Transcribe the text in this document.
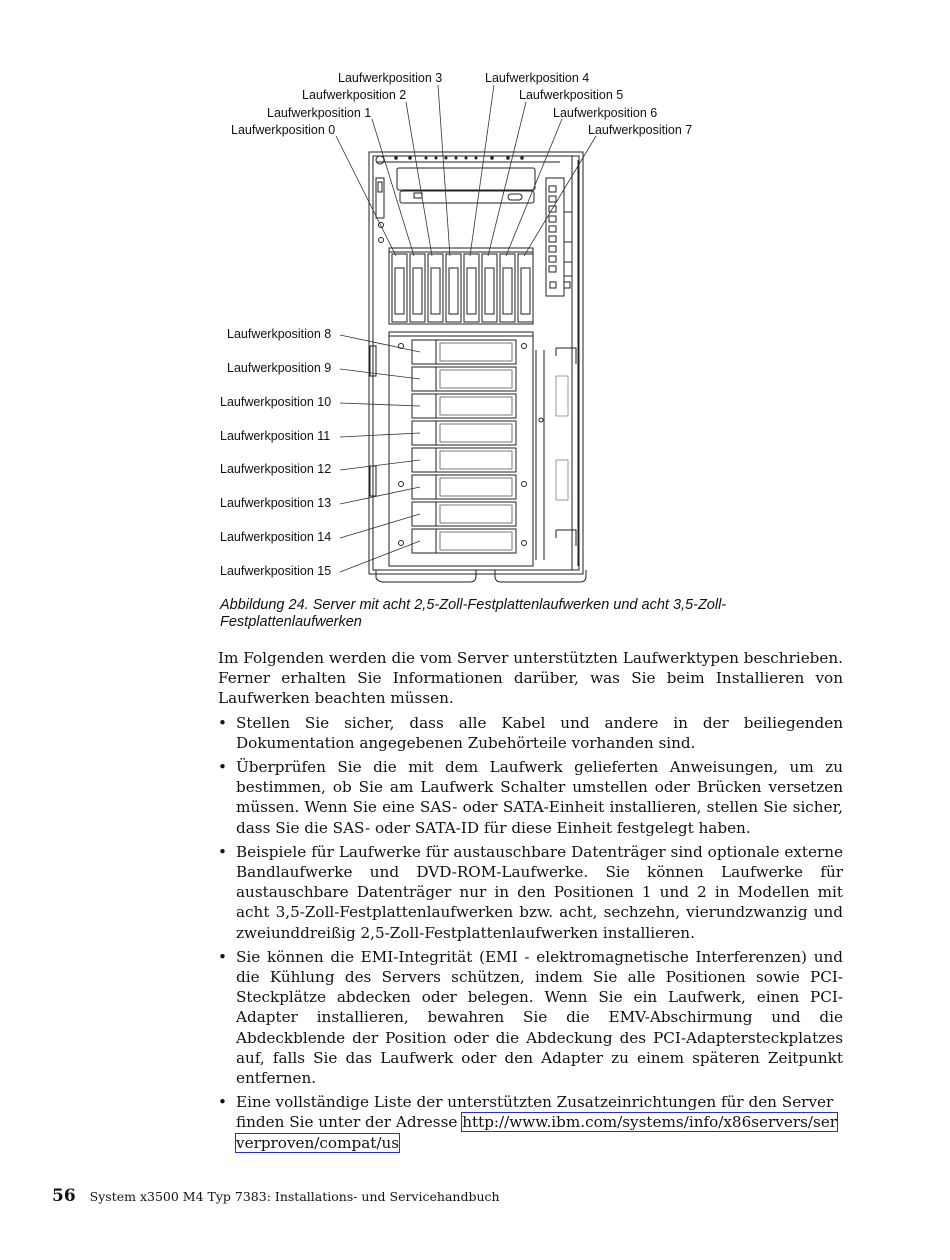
Laufwerkposition 3	Laufwerkposition 4
Laufwerkposition 2	Laufwerkposition 5
Laufwerkposition 1	Laufwerkposition 6
Laufwerkposition 0	Laufwerkposition 7
Laufwerkposition 8
Laufwerkposition 9
Laufwerkposition 10
Laufwerkposition 11
Laufwerkposition 12
Laufwerkposition 13
Laufwerkposition 14
Laufwerkposition 15
Abbildung 24. Server mit acht 2,5-Zoll-Festplattenlaufwerken und acht 3,5-Zoll-Festplattenlaufwerken

Im Folgenden werden die vom Server unterstützten Laufwerktypen beschrieben. Ferner erhalten Sie Informationen darüber, was Sie beim Installieren von Laufwerken beachten müssen.

• Stellen Sie sicher, dass alle Kabel und andere in der beiliegenden Dokumentation angegebenen Zubehörteile vorhanden sind.
• Überprüfen Sie die mit dem Laufwerk gelieferten Anweisungen, um zu bestimmen, ob Sie am Laufwerk Schalter umstellen oder Brücken versetzen müssen. Wenn Sie eine SAS- oder SATA-Einheit installieren, stellen Sie sicher, dass Sie die SAS- oder SATA-ID für diese Einheit festgelegt haben.
• Beispiele für Laufwerke für austauschbare Datenträger sind optionale externe Bandlaufwerke und DVD-ROM-Laufwerke. Sie können Laufwerke für austauschbare Datenträger nur in den Positionen 1 und 2 in Modellen mit acht 3,5-Zoll-Festplattenlaufwerken bzw. acht, sechzehn, vierundzwanzig und zweiunddreißig 2,5-Zoll-Festplattenlaufwerken installieren.
• Sie können die EMI-Integrität (EMI - elektromagnetische Interferenzen) und die Kühlung des Servers schützen, indem Sie alle Positionen sowie PCI-Steckplätze abdecken oder belegen. Wenn Sie ein Laufwerk, einen PCI-Adapter installieren, bewahren Sie die EMV-Abschirmung und die Abdeckblende der Position oder die Abdeckung des PCI-Adaptersteckplatzes auf, falls Sie das Laufwerk oder den Adapter zu einem späteren Zeitpunkt entfernen.
• Eine vollständige Liste der unterstützten Zusatzeinrichtungen für den Server finden Sie unter der Adresse http://www.ibm.com/systems/info/x86servers/serverproven/compat/us
56 System x3500 M4 Typ 7383: Installations- und Servicehandbuch
